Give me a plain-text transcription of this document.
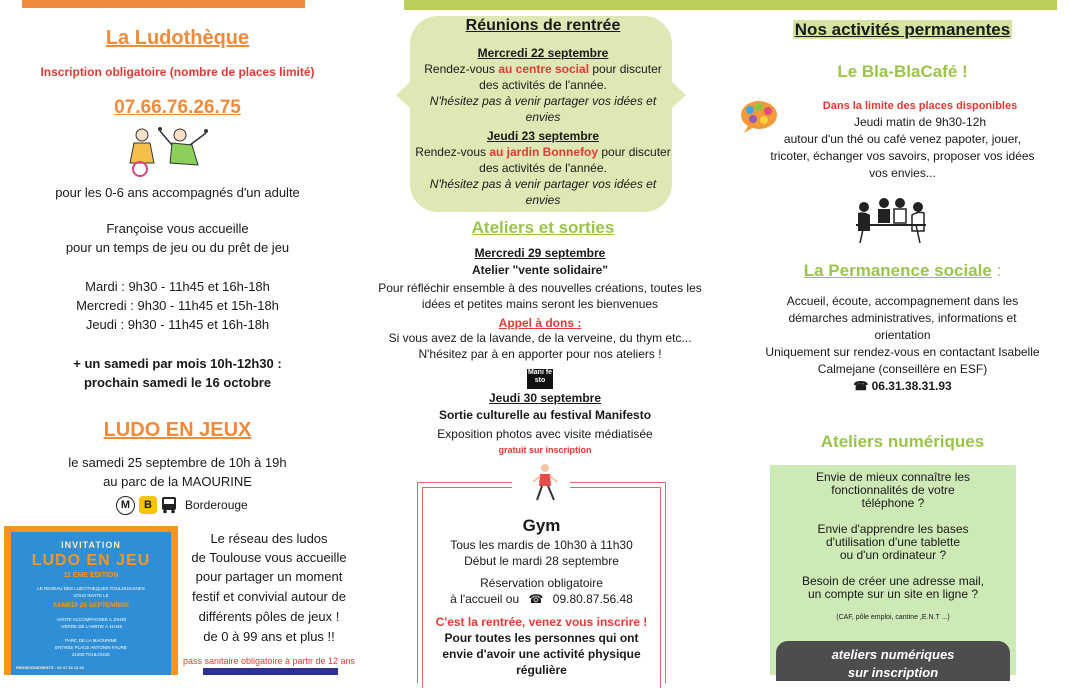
La Ludothèque
Inscription obligatoire (nombre de places limité)
07.66.76.26.75
pour les 0-6 ans accompagnés d'un adulte
Françoise vous accueille
pour un temps de jeu ou du prêt de jeu
Mardi : 9h30 - 11h45 et 16h-18h
Mercredi : 9h30 - 11h45 et 15h-18h
Jeudi : 9h30 - 11h45 et 16h-18h
+ un samedi par mois 10h-12h30 :
prochain samedi le 16 octobre
LUDO EN JEUX
le samedi 25 septembre de 10h à 19h
au parc de la MAOURINE
M	B	Borderouge
INVITATION
LUDO EN JEU
11 EME EDITION
LE RESEAU DES LUDOTHEQUES TOULOUSAINES
VOUS INVITE LE
SAMEDI 25 SEPTEMBRE
-VISITE ACCOMPAGNEE A 10H30
-VERRE DE L'AMITIE A 11H45
PARC DE LA MAOURINE
ENTREE PLACE ANTONIN FAURE
31200 TOULOUSE
RENSEIGNEMENTS : 06 47 34 12 94
Le réseau des ludos
de Toulouse vous accueille
pour partager un moment
festif et convivial autour de
différents pôles de jeux !
de 0 à 99 ans et plus !!
pass sanitaire obligatoire à partir de 12 ans
Réunions de rentrée
Mercredi 22 septembre
Rendez-vous au centre social pour discuter
des activités de l'année.
N'hésitez pas à venir partager vos idées et
envies
Jeudi 23 septembre
Rendez-vous au jardin Bonnefoy pour discuter
des activités de l'année.
N'hésitez pas à venir partager vos idées et
envies
Ateliers et sorties
Mercredi 29 septembre
Atelier "vente solidaire"
Pour réfléchir ensemble à des nouvelles créations, toutes les
idées et petites mains seront les bienvenues
Appel à dons :
Si vous avez de la lavande, de la verveine, du thym etc...
N'hésitez par à en apporter pour nos ateliers !
Mani festo
Jeudi 30 septembre
Sortie culturelle au festival Manifesto
Exposition photos avec visite médiatisée
gratuit sur inscription
Gym
Tous les mardis de 10h30 à 11h30
Début le mardi 28 septembre
Réservation obligatoire
à l'accueil ou ☎ 09.80.87.56.48
C'est la rentrée, venez vous inscrire !
Pour toutes les personnes qui ont
envie d'avoir une activité physique
régulière
Nos activités permanentes
Le Bla-BlaCafé !
Dans la limite des places disponibles
Jeudi matin de 9h30-12h
autour d'un thé ou café venez papoter, jouer,
tricoter, échanger vos savoirs, proposer vos idées
vos envies...
La Permanence sociale :
Accueil, écoute, accompagnement dans les
démarches administratives, informations et
orientation
Uniquement sur rendez-vous en contactant Isabelle
Calmejane (conseillère en ESF)
☎ 06.31.38.31.93
Ateliers numériques
Envie de mieux connaître les
fonctionnalités de votre
téléphone ?
Envie d'apprendre les bases
d'utilisation d'une tablette
ou d'un ordinateur ?
Besoin de créer une adresse mail,
un compte sur un site en ligne ?
(CAF, pôle emploi, cantine ,E.N.T ...)
ateliers numériques
sur inscription
